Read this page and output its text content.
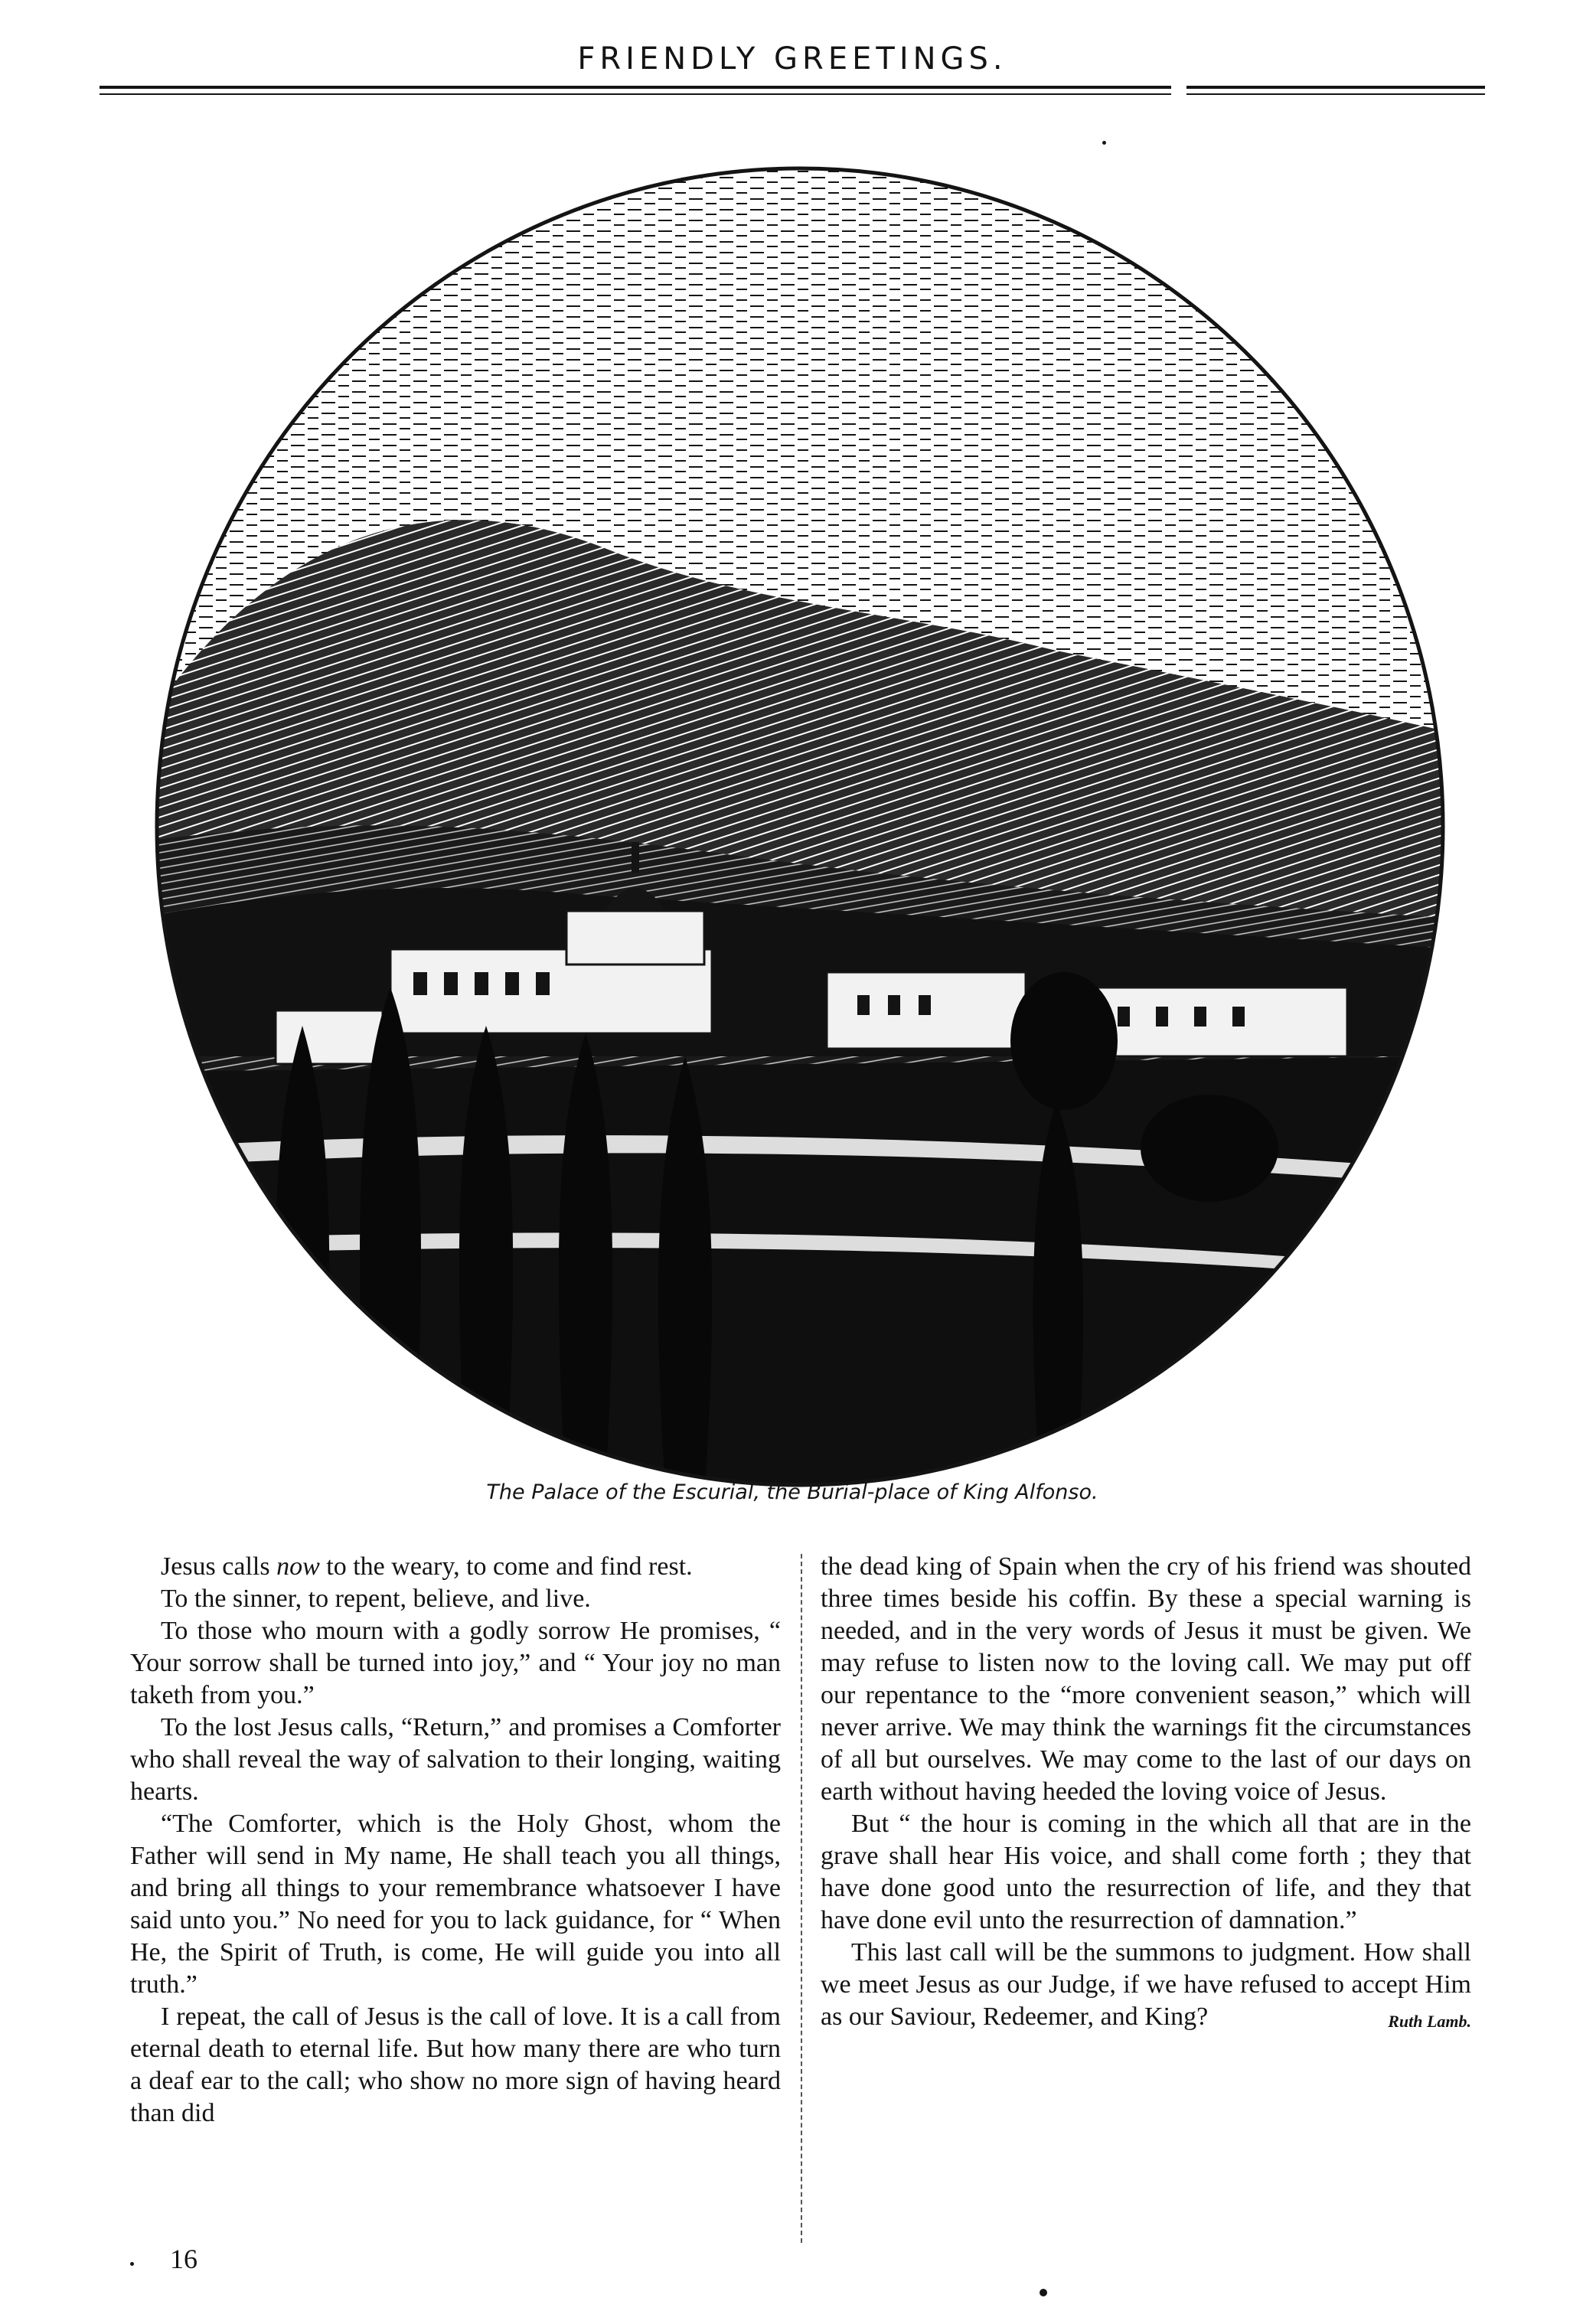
FRIENDLY GREETINGS.
The Palace of the Escurial, the Burial-place of King Alfonso.

Jesus calls now to the weary, to come and find rest.

To the sinner, to repent, believe, and live.

To those who mourn with a godly sorrow He promises, “ Your sorrow shall be turned into joy,” and “ Your joy no man taketh from you.”

To the lost Jesus calls, “Return,” and promises a Comforter who shall reveal the way of salvation to their longing, waiting hearts.

“The Comforter, which is the Holy Ghost, whom the Father will send in My name, He shall teach you all things, and bring all things to your remembrance whatsoever I have said unto you.” No need for you to lack guidance, for “ When He, the Spirit of Truth, is come, He will guide you into all truth.”

I repeat, the call of Jesus is the call of love. It is a call from eternal death to eternal life. But how many there are who turn a deaf ear to the call; who show no more sign of having heard than did

the dead king of Spain when the cry of his friend was shouted three times beside his coffin. By these a special warning is needed, and in the very words of Jesus it must be given. We may refuse to listen now to the loving call. We may put off our repentance to the “more convenient season,” which will never arrive. We may think the warnings fit the circumstances of all but ourselves. We may come to the last of our days on earth without having heeded the loving voice of Jesus.

But “ the hour is coming in the which all that are in the grave shall hear His voice, and shall come forth ; they that have done good unto the resurrection of life, and they that have done evil unto the resurrection of damnation.”

This last call will be the summons to judgment. How shall we meet Jesus as our Judge, if we have refused to accept Him as our Saviour, Redeemer, and King?	Ruth Lamb.

16
